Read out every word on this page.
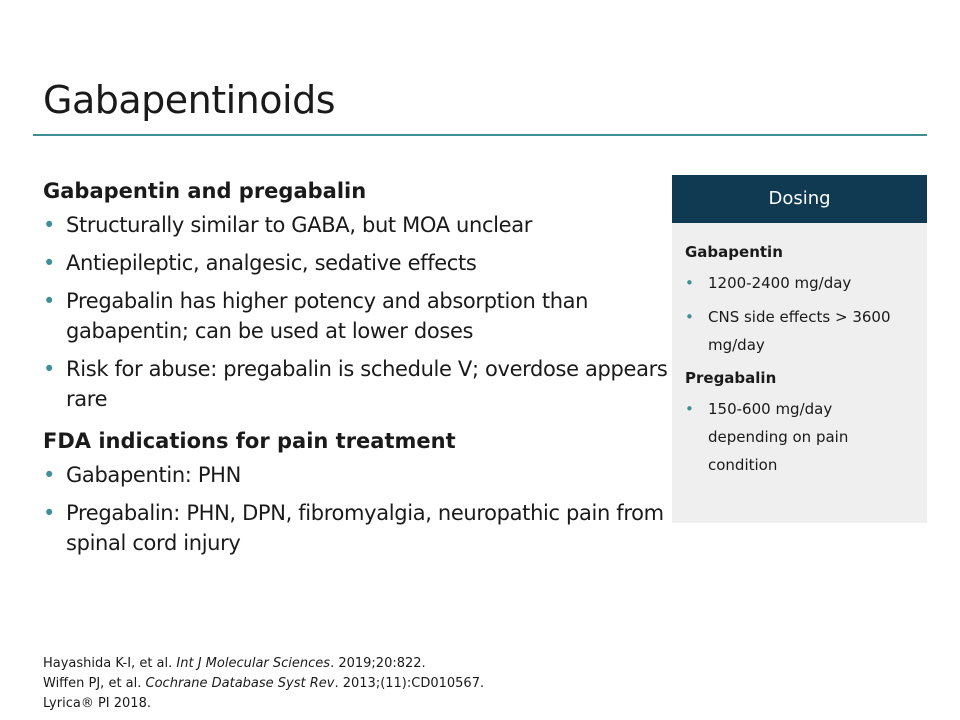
Gabapentinoids
Gabapentin and pregabalin
• Structurally similar to GABA, but MOA unclear
• Antiepileptic, analgesic, sedative effects
• Pregabalin has higher potency and absorption than gabapentin; can be used at lower doses
• Risk for abuse: pregabalin is schedule V; overdose appears rare
FDA indications for pain treatment
• Gabapentin: PHN
• Pregabalin: PHN, DPN, fibromyalgia, neuropathic pain from spinal cord injury
Dosing
Gabapentin
• 1200-2400 mg/day
• CNS side effects > 3600 mg/day
Pregabalin
• 150-600 mg/day depending on pain condition
Hayashida K-I, et al. Int J Molecular Sciences. 2019;20:822.
Wiffen PJ, et al. Cochrane Database Syst Rev. 2013;(11):CD010567.
Lyrica® PI 2018.
